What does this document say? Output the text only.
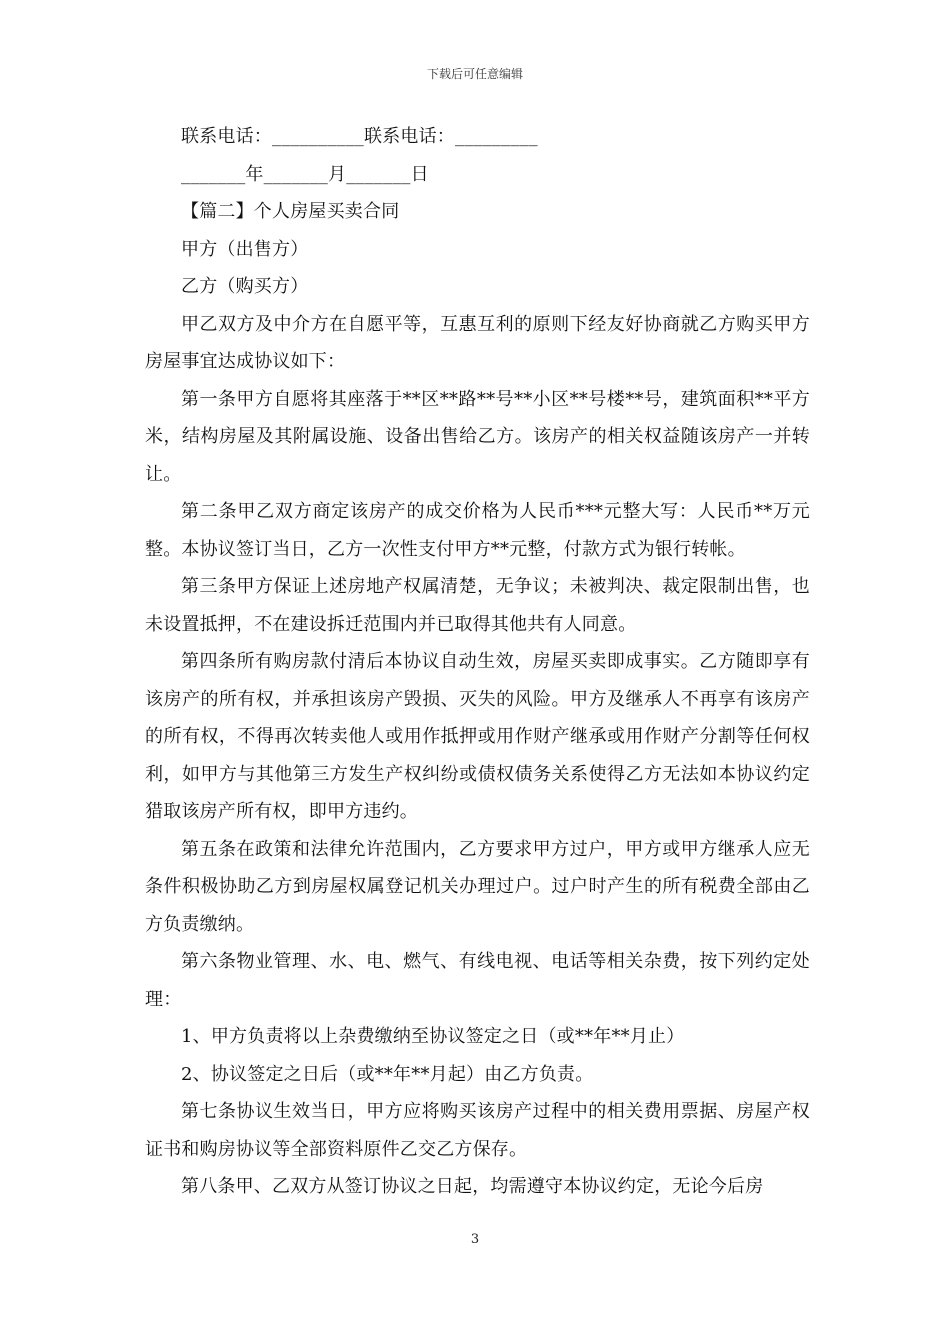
下载后可任意编辑
联系电话：__________联系电话：_________
_______年_______月_______日
【篇二】个人房屋买卖合同
甲方（出售方）
乙方（购买方）
甲乙双方及中介方在自愿平等，互惠互利的原则下经友好协商就乙方购买甲方房屋事宜达成协议如下：
第一条甲方自愿将其座落于**区**路**号**小区**号楼**号，建筑面积**平方米，结构房屋及其附属设施、设备出售给乙方。该房产的相关权益随该房产一并转让。
第二条甲乙双方商定该房产的成交价格为人民币***元整大写：人民币**万元整。本协议签订当日，乙方一次性支付甲方**元整，付款方式为银行转帐。
第三条甲方保证上述房地产权属清楚，无争议；未被判决、裁定限制出售，也未设置抵押，不在建设拆迁范围内并已取得其他共有人同意。
第四条所有购房款付清后本协议自动生效，房屋买卖即成事实。乙方随即享有该房产的所有权，并承担该房产毁损、灭失的风险。甲方及继承人不再享有该房产的所有权，不得再次转卖他人或用作抵押或用作财产继承或用作财产分割等任何权利，如甲方与其他第三方发生产权纠纷或债权债务关系使得乙方无法如本协议约定猎取该房产所有权，即甲方违约。
第五条在政策和法律允许范围内，乙方要求甲方过户，甲方或甲方继承人应无条件积极协助乙方到房屋权属登记机关办理过户。过户时产生的所有税费全部由乙方负责缴纳。
第六条物业管理、水、电、燃气、有线电视、电话等相关杂费，按下列约定处理：
1、甲方负责将以上杂费缴纳至协议签定之日（或**年**月止）
2、协议签定之日后（或**年**月起）由乙方负责。
第七条协议生效当日，甲方应将购买该房产过程中的相关费用票据、房屋产权证书和购房协议等全部资料原件乙交乙方保存。
第八条甲、乙双方从签订协议之日起，均需遵守本协议约定，无论今后房
3
